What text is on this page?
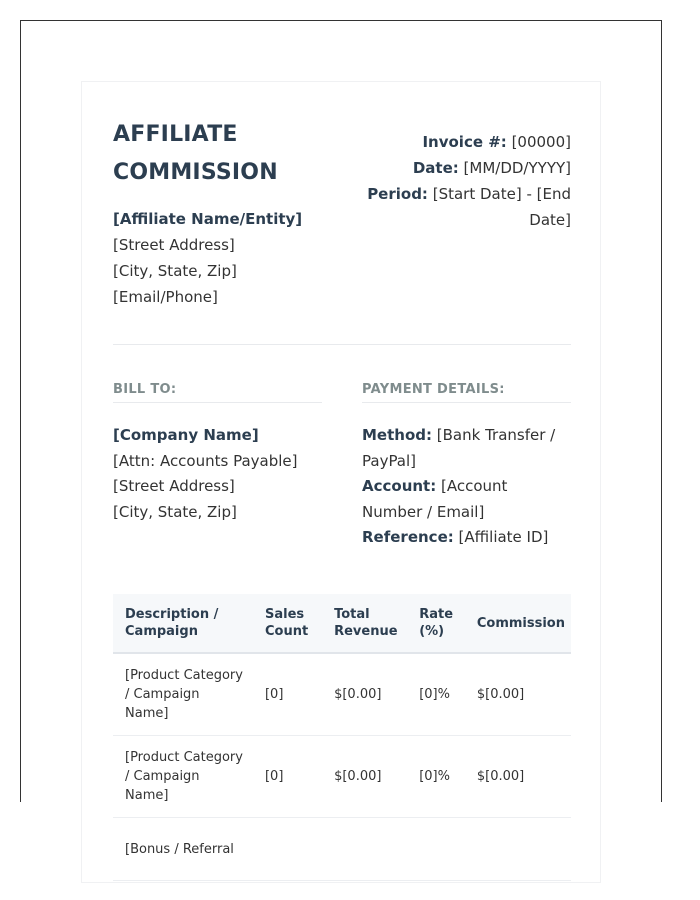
AFFILIATE COMMISSION
[Affiliate Name/Entity]
[Street Address]
[City, State, Zip]
[Email/Phone]
Invoice #: [00000]
Date: [MM/DD/YYYY]
Period: [Start Date] - [End Date]
BILL TO:
[Company Name]
[Attn: Accounts Payable]
[Street Address]
[City, State, Zip]
PAYMENT DETAILS:
Method: [Bank Transfer / PayPal]
Account: [Account Number / Email]
Reference: [Affiliate ID]
Description / Campaign	Sales Count	Total Revenue	Rate (%)	Commission
[Product Category / Campaign Name]	[0]	$[0.00]	[0]%	$[0.00]
[Product Category / Campaign Name]	[0]	$[0.00]	[0]%	$[0.00]
[Bonus / Referral				
